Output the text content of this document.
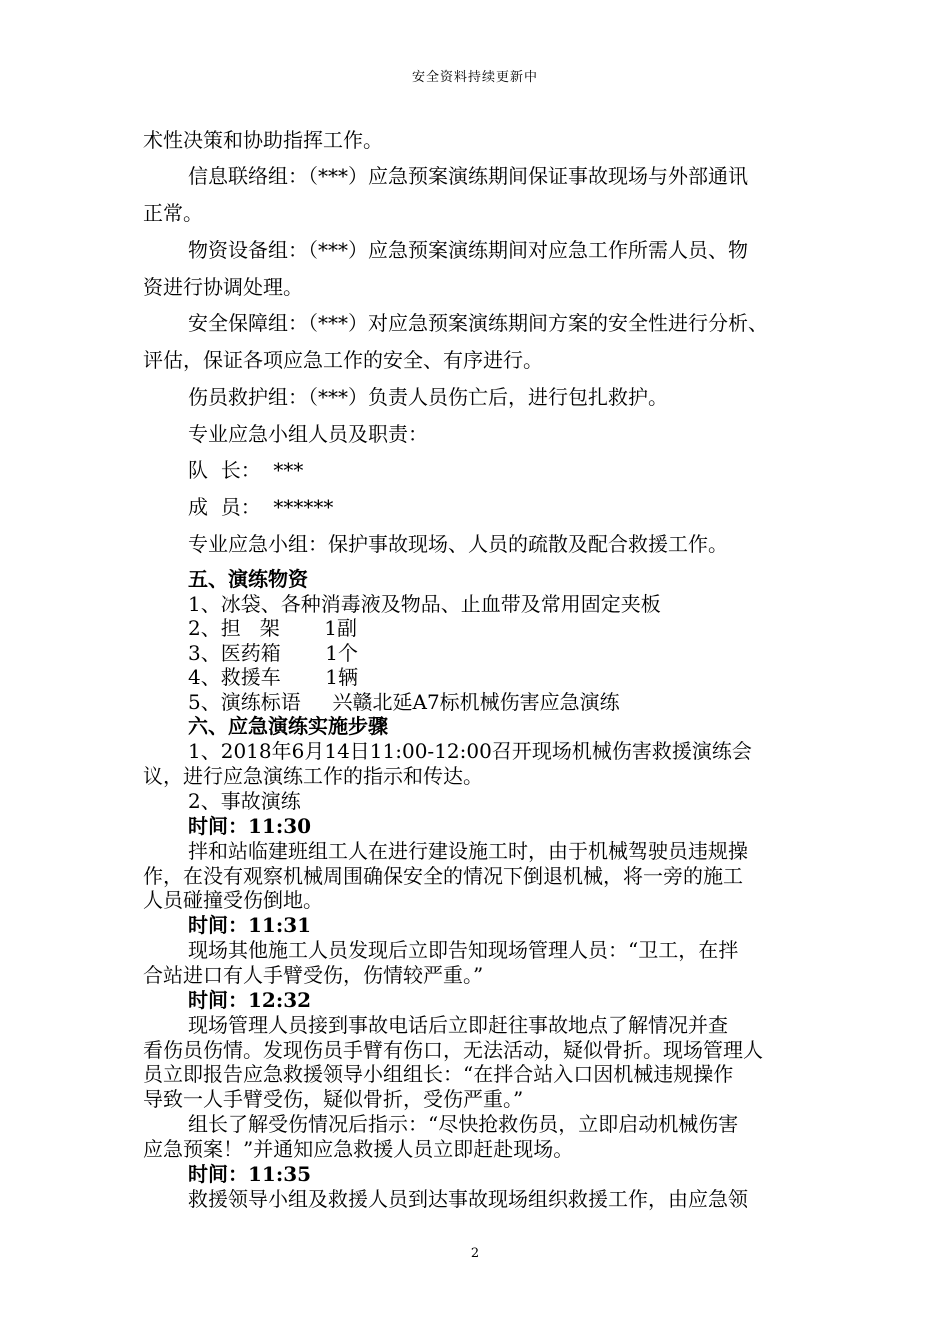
安全资料持续更新中
术性决策和协助指挥工作。
信息联络组：（***）应急预案演练期间保证事故现场与外部通讯
正常。
物资设备组：（***）应急预案演练期间对应急工作所需人员、物
资进行协调处理。
安全保障组：（***）对应急预案演练期间方案的安全性进行分析、
评估，保证各项应急工作的安全、有序进行。
伤员救护组：（***）负责人员伤亡后，进行包扎救护。
专业应急小组人员及职责：
队  长：  ***
成  员：  ******
专业应急小组：保护事故现场、人员的疏散及配合救援工作。
五、演练物资
1、冰袋、各种消毒液及物品、止血带及常用固定夹板
2、担   架       1副
3、医药箱       1个
4、救援车       1辆
5、演练标语     兴赣北延A7标机械伤害应急演练
六、应急演练实施步骤
1、2018年6月14日11:00-12:00召开现场机械伤害救援演练会
议，进行应急演练工作的指示和传达。
2、事故演练
时间：11:30
拌和站临建班组工人在进行建设施工时，由于机械驾驶员违规操
作，在没有观察机械周围确保安全的情况下倒退机械，将一旁的施工
人员碰撞受伤倒地。
时间：11:31
现场其他施工人员发现后立即告知现场管理人员：“卫工，在拌
合站进口有人手臂受伤，伤情较严重。”
时间：12:32
现场管理人员接到事故电话后立即赶往事故地点了解情况并查
看伤员伤情。发现伤员手臂有伤口，无法活动，疑似骨折。现场管理人
员立即报告应急救援领导小组组长：“在拌合站入口因机械违规操作
导致一人手臂受伤，疑似骨折，受伤严重。”
组长了解受伤情况后指示：“尽快抢救伤员，立即启动机械伤害
应急预案！”并通知应急救援人员立即赶赴现场。
时间：11:35
救援领导小组及救援人员到达事故现场组织救援工作，由应急领
2
